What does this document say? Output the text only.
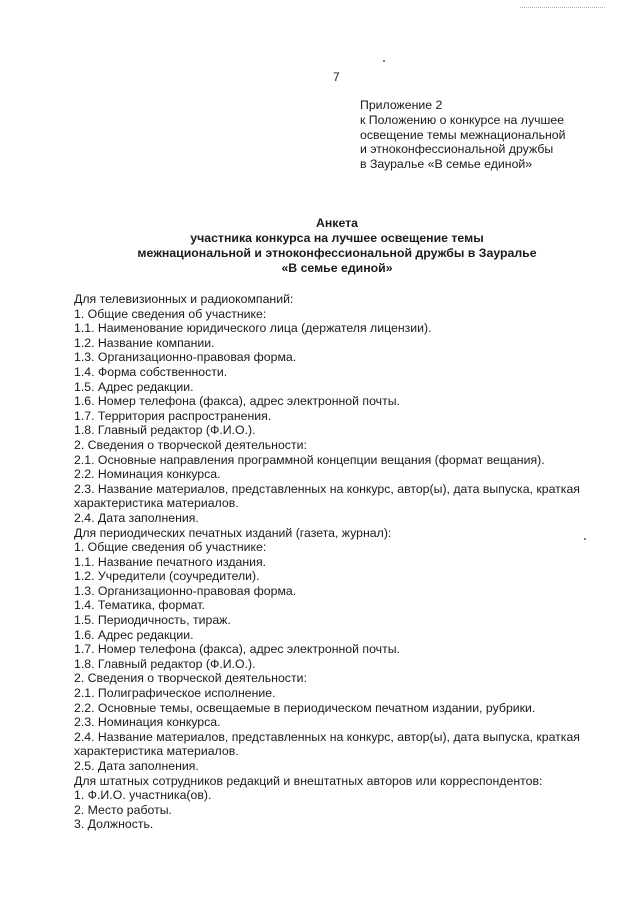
7
Приложение 2
к Положению о конкурсе на лучшее
освещение темы межнациональной
и этноконфессиональной дружбы
в Зауралье «В семье единой»
Анкета
участника конкурса на лучшее освещение темы
межнациональной и этноконфессиональной дружбы в Зауралье
«В семье единой»
Для телевизионных и радиокомпаний:
1. Общие сведения об участнике:
1.1. Наименование юридического лица (держателя лицензии).
1.2. Название компании.
1.3. Организационно-правовая форма.
1.4. Форма собственности.
1.5. Адрес редакции.
1.6. Номер телефона (факса), адрес электронной почты.
1.7. Территория распространения.
1.8. Главный редактор (Ф.И.О.).
2. Сведения о творческой деятельности:
2.1. Основные направления программной концепции вещания (формат вещания).
2.2. Номинация конкурса.
2.3. Название материалов, представленных на конкурс, автор(ы), дата выпуска, краткая
характеристика материалов.
2.4. Дата заполнения.
Для периодических печатных изданий (газета, журнал):
1. Общие сведения об участнике:
1.1. Название печатного издания.
1.2. Учредители (соучредители).
1.3. Организационно-правовая форма.
1.4. Тематика, формат.
1.5. Периодичность, тираж.
1.6. Адрес редакции.
1.7. Номер телефона (факса), адрес электронной почты.
1.8. Главный редактор (Ф.И.О.).
2. Сведения о творческой деятельности:
2.1. Полиграфическое исполнение.
2.2. Основные темы, освещаемые в периодическом печатном издании, рубрики.
2.3. Номинация конкурса.
2.4. Название материалов, представленных на конкурс, автор(ы), дата выпуска, краткая
характеристика материалов.
2.5. Дата заполнения.
Для штатных сотрудников редакций и внештатных авторов или корреспондентов:
1. Ф.И.О. участника(ов).
2. Место работы.
3. Должность.
